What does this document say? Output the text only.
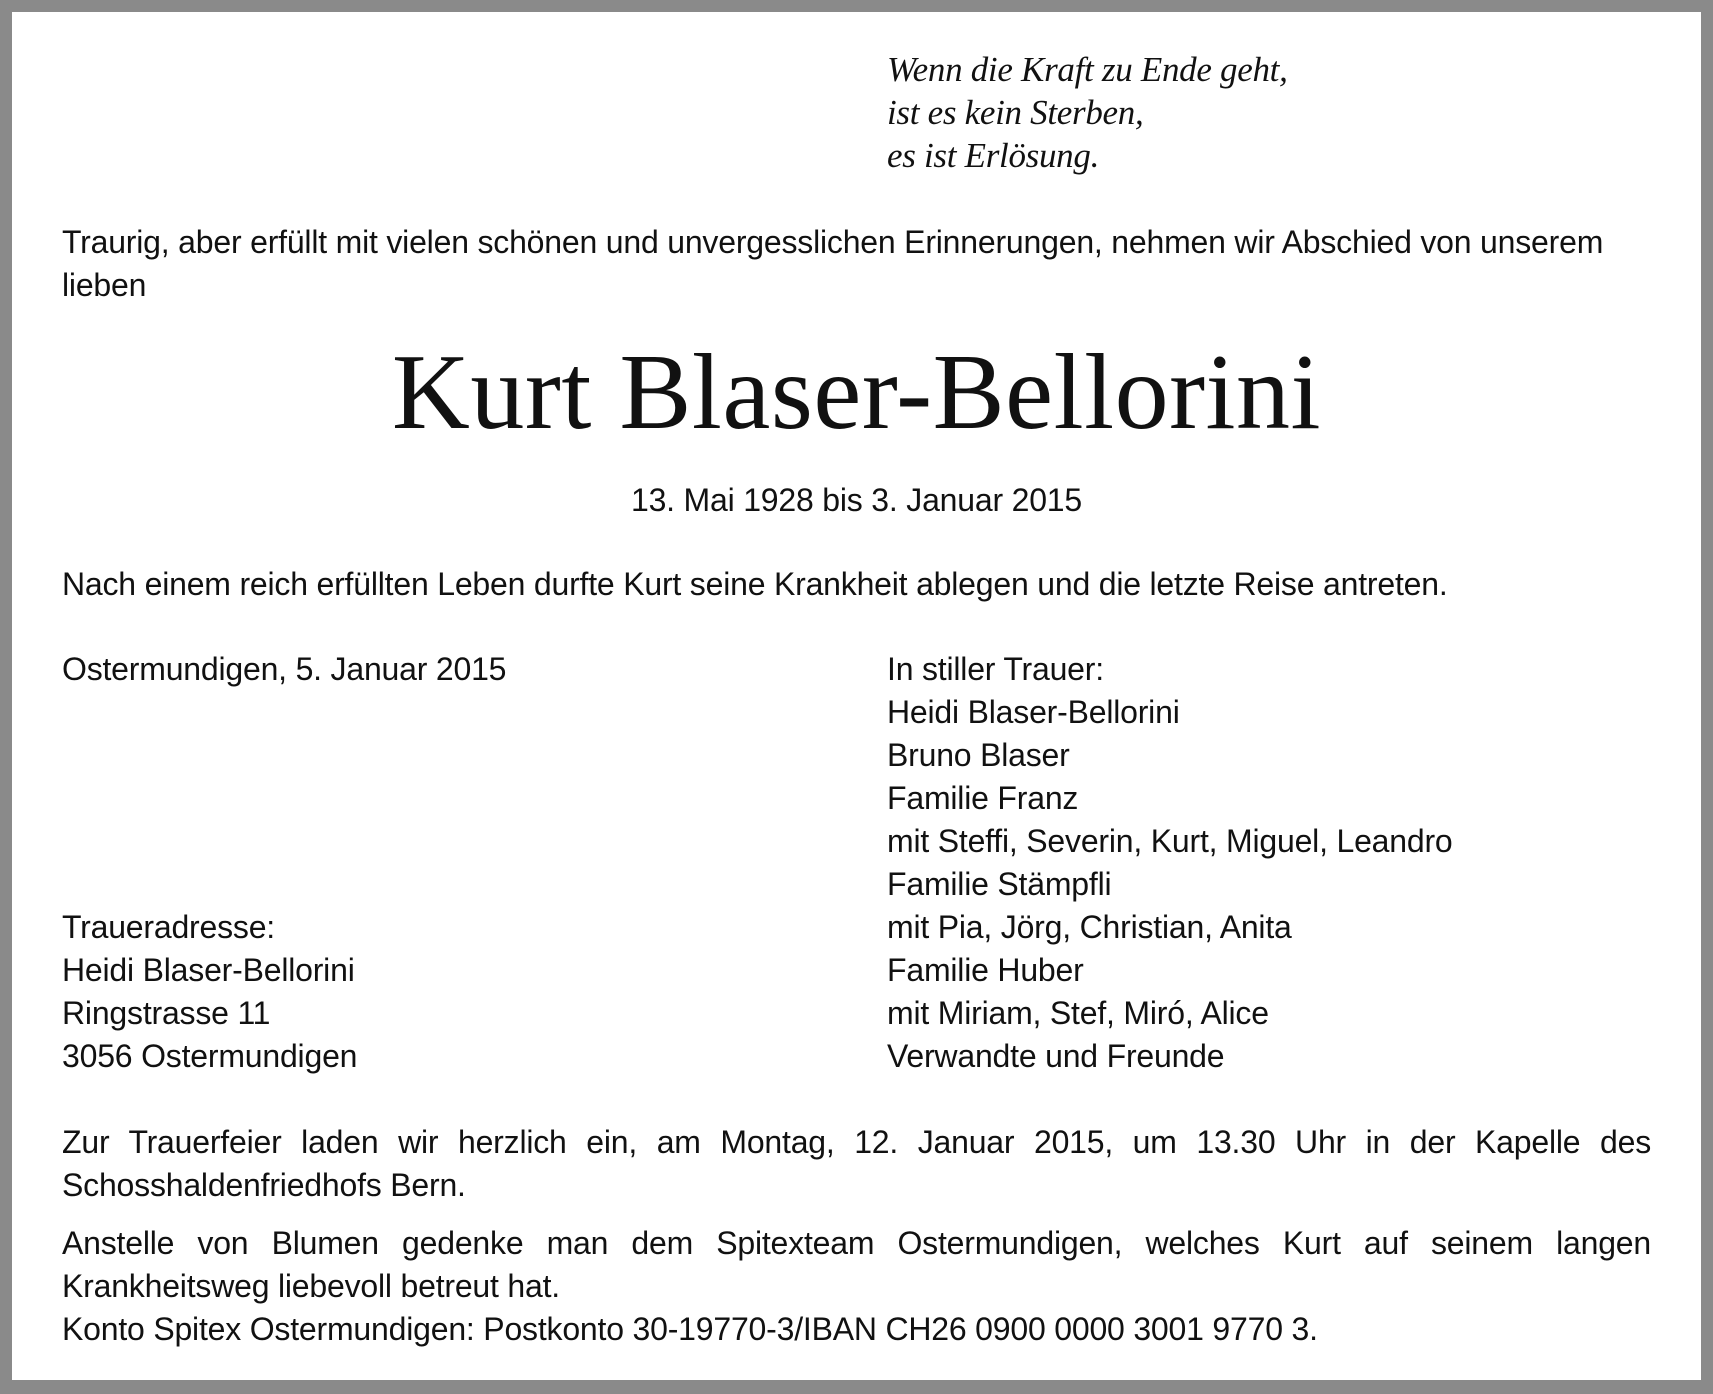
Wenn die Kraft zu Ende geht,
ist es kein Sterben,
es ist Erlösung.
Traurig, aber erfüllt mit vielen schönen und unvergesslichen Erinnerungen, nehmen wir Abschied von unserem lieben
Kurt Blaser-Bellorini
13. Mai 1928 bis 3. Januar 2015
Nach einem reich erfüllten Leben durfte Kurt seine Krankheit ablegen und die letzte Reise antreten.
Ostermundigen, 5. Januar 2015	In stiller Trauer:
Heidi Blaser-Bellorini
Bruno Blaser
Familie Franz
mit Steffi, Severin, Kurt, Miguel, Leandro
Familie Stämpfli
mit Pia, Jörg, Christian, Anita
Familie Huber
mit Miriam, Stef, Miró, Alice
Verwandte und Freunde
Traueradresse:
Heidi Blaser-Bellorini
Ringstrasse 11
3056 Ostermundigen
Zur Trauerfeier laden wir herzlich ein, am Montag, 12. Januar 2015, um 13.30 Uhr in der Kapelle des Schosshaldenfriedhofs Bern.
Anstelle von Blumen gedenke man dem Spitexteam Ostermundigen, welches Kurt auf seinem langen Krankheitsweg liebevoll betreut hat.
Konto Spitex Ostermundigen: Postkonto 30-19770-3/IBAN CH26 0900 0000 3001 9770 3.
